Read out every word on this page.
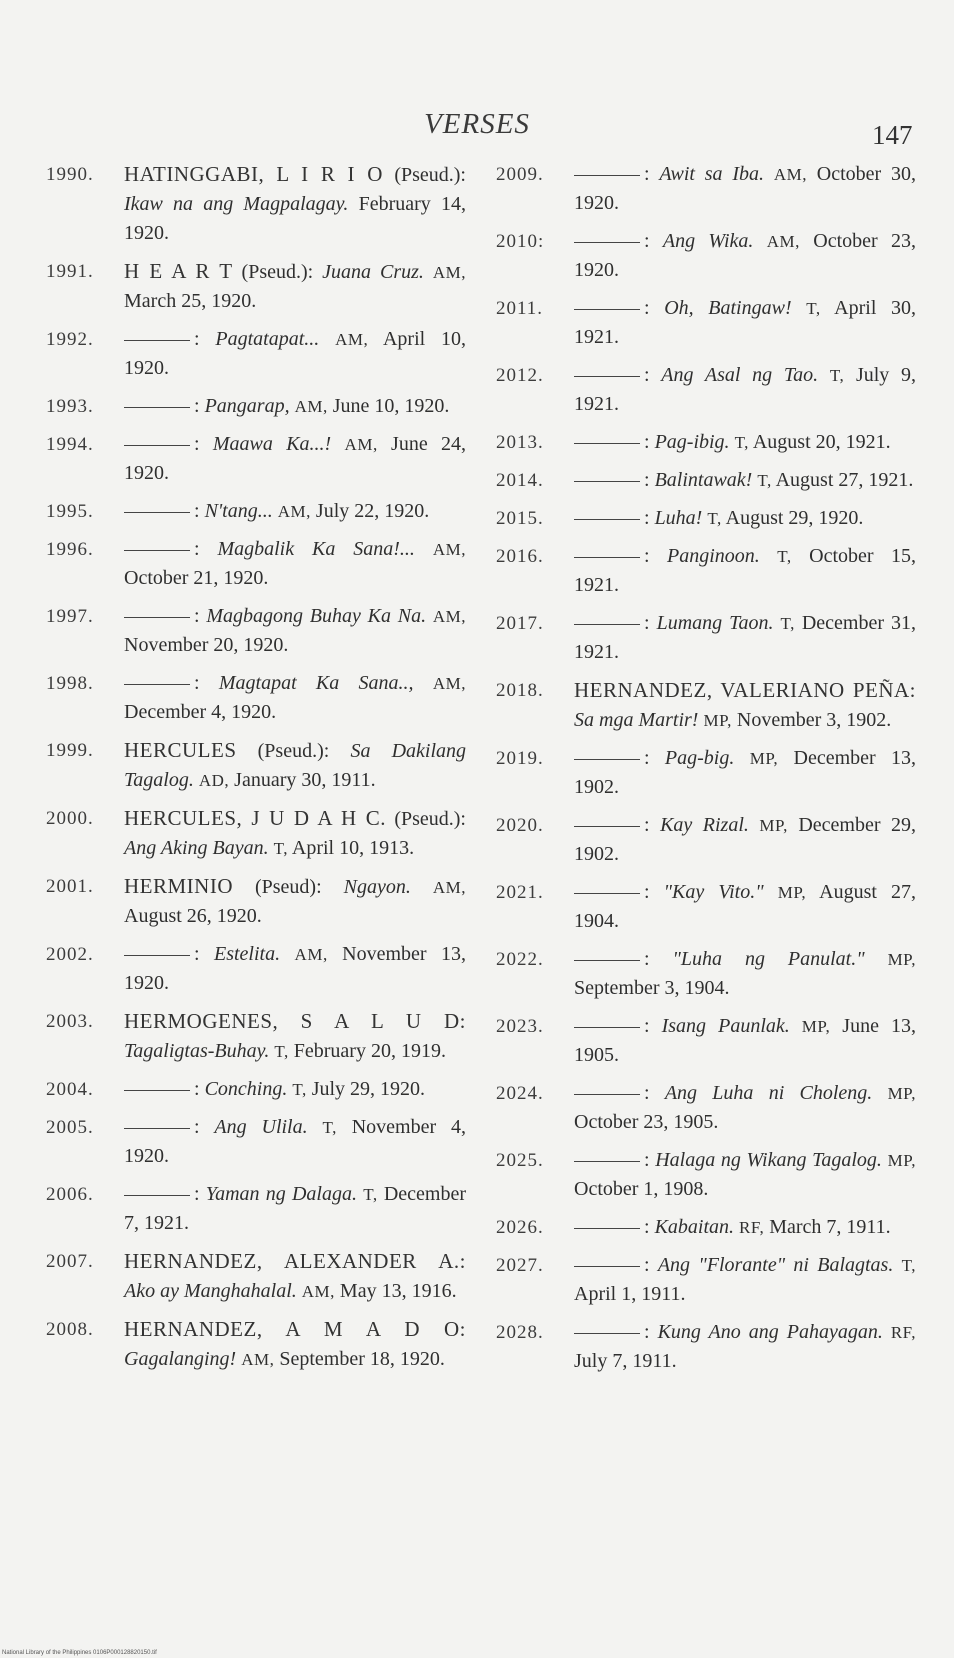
VERSES	147
1990.	HATINGGABI, L I R I O (Pseud.): Ikaw na ang Magpalagay. February 14, 1920.
1991.	H E A R T (Pseud.): Juana Cruz. AM, March 25, 1920.
1992.	: Pagtatapat... AM, April 10, 1920.
1993.	: Pangarap, AM, June 10, 1920.
1994.	: Maawa Ka...! AM, June 24, 1920.
1995.	: N'tang... AM, July 22, 1920.
1996.	: Magbalik Ka Sana!... AM, October 21, 1920.
1997.	: Magbagong Buhay Ka Na. AM, November 20, 1920.
1998.	: Magtapat Ka Sana.., AM, December 4, 1920.
1999.	HERCULES (Pseud.): Sa Dakilang Tagalog. AD, January 30, 1911.
2000.	HERCULES, J U D A H C. (Pseud.): Ang Aking Bayan. T, April 10, 1913.
2001.	HERMINIO (Pseud): Ngayon. AM, August 26, 1920.
2002.	: Estelita. AM, November 13, 1920.
2003.	HERMOGENES, S A L U D: Tagaligtas-Buhay. T, February 20, 1919.
2004.	: Conching. T, July 29, 1920.
2005.	: Ang Ulila. T, November 4, 1920.
2006.	: Yaman ng Dalaga. T, December 7, 1921.
2007.	HERNANDEZ, ALEXANDER A.: Ako ay Manghahalal. AM, May 13, 1916.
2008.	HERNANDEZ, A M A D O: Gagalanging! AM, September 18, 1920.
2009.	: Awit sa Iba. AM, October 30, 1920.
2010:	: Ang Wika. AM, October 23, 1920.
2011.	: Oh, Batingaw! T, April 30, 1921.
2012.	: Ang Asal ng Tao. T, July 9, 1921.
2013.	: Pag-ibig. T, August 20, 1921.
2014.	: Balintawak! T, August 27, 1921.
2015.	: Luha! T, August 29, 1920.
2016.	: Panginoon. T, October 15, 1921.
2017.	: Lumang Taon. T, December 31, 1921.
2018.	HERNANDEZ, VALERIANO PEÑA: Sa mga Martir! MP, November 3, 1902.
2019.	: Pag-big. MP, December 13, 1902.
2020.	: Kay Rizal. MP, December 29, 1902.
2021.	: "Kay Vito." MP, August 27, 1904.
2022.	: "Luha ng Panulat." MP, September 3, 1904.
2023.	: Isang Paunlak. MP, June 13, 1905.
2024.	: Ang Luha ni Choleng. MP, October 23, 1905.
2025.	: Halaga ng Wikang Tagalog. MP, October 1, 1908.
2026.	: Kabaitan. RF, March 7, 1911.
2027.	: Ang "Florante" ni Balagtas. T, April 1, 1911.
2028.	: Kung Ano ang Pahayagan. RF, July 7, 1911.
National Library of the Philippines 0106P000128820150.tif
